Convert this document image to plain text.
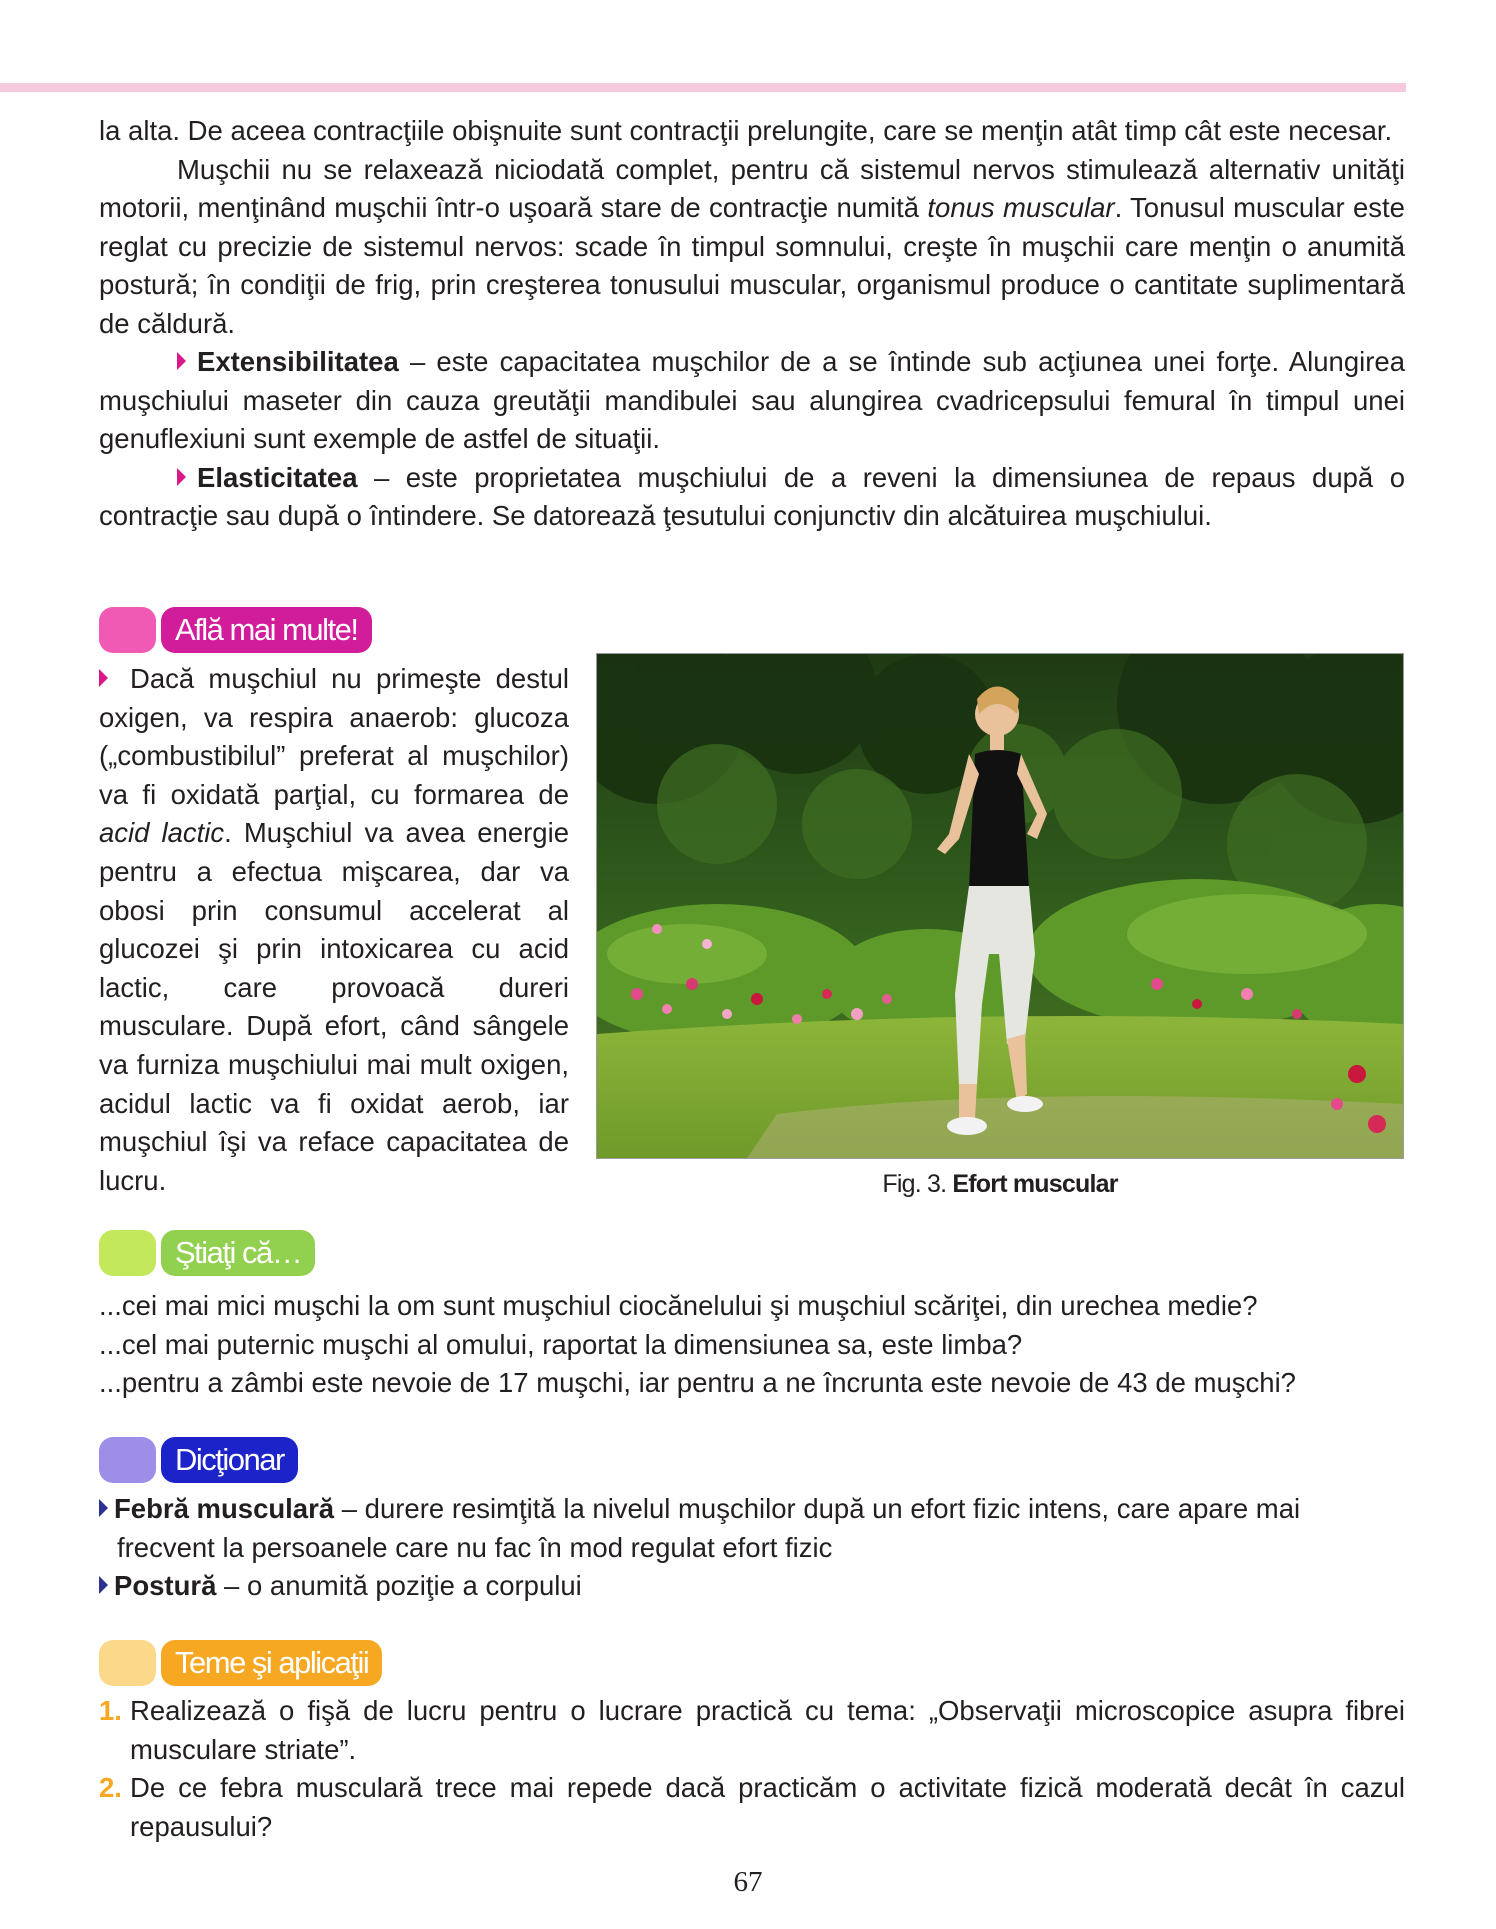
la alta. De aceea contracţiile obişnuite sunt contracţii prelungite, care se menţin atât timp cât este necesar.

Muşchii nu se relaxează niciodată complet, pentru că sistemul nervos stimulează alternativ unităţi motorii, menţinând muşchii într-o uşoară stare de contracţie numită tonus muscular. Tonusul muscular este reglat cu precizie de sistemul nervos: scade în timpul somnului, creşte în muşchii care menţin o anumită postură; în condiţii de frig, prin creşterea tonusului muscular, organismul produce o cantitate suplimentară de căldură.

Extensibilitatea – este capacitatea muşchilor de a se întinde sub acţiunea unei forţe. Alungirea muşchiului maseter din cauza greutăţii mandibulei sau alungirea cvadricepsului femural în timpul unei genuflexiuni sunt exemple de astfel de situaţii.

Elasticitatea – este proprietatea muşchiului de a reveni la dimensiunea de repaus după o contracţie sau după o întindere. Se datorează ţesutului conjunctiv din alcătuirea muşchiului.

Află mai multe!

Dacă muşchiul nu primeşte destul oxigen, va respira anaerob: glucoza („combustibilul” preferat al muşchilor) va fi oxidată parţial, cu formarea de acid lactic. Muşchiul va avea energie pentru a efectua mişcarea, dar va obosi prin consumul accelerat al glucozei şi prin intoxicarea cu acid lactic, care provoacă dureri musculare. După efort, când sângele va furniza muşchiului mai mult oxigen, acidul lactic va fi oxidat aerob, iar muşchiul îşi va reface capacitatea de lucru.	Fig. 3. Efort muscular
Ştiaţi că…

...cei mai mici muşchi la om sunt muşchiul ciocănelului şi muşchiul scăriţei, din urechea medie?

...cel mai puternic muşchi al omului, raportat la dimensiunea sa, este limba?

...pentru a zâmbi este nevoie de 17 muşchi, iar pentru a ne încrunta este nevoie de 43 de muşchi?

Dicţionar

Febră musculară – durere resimţită la nivelul muşchilor după un efort fizic intens, care apare mai frecvent la persoanele care nu fac în mod regulat efort fizic

Postură – o anumită poziţie a corpului

Teme şi aplicaţii

1. Realizează o fişă de lucru pentru o lucrare practică cu tema: „Observaţii microscopice asupra fibrei musculare striate”.

2. De ce febra musculară trece mai repede dacă practicăm o activitate fizică moderată decât în cazul repausului?

67
